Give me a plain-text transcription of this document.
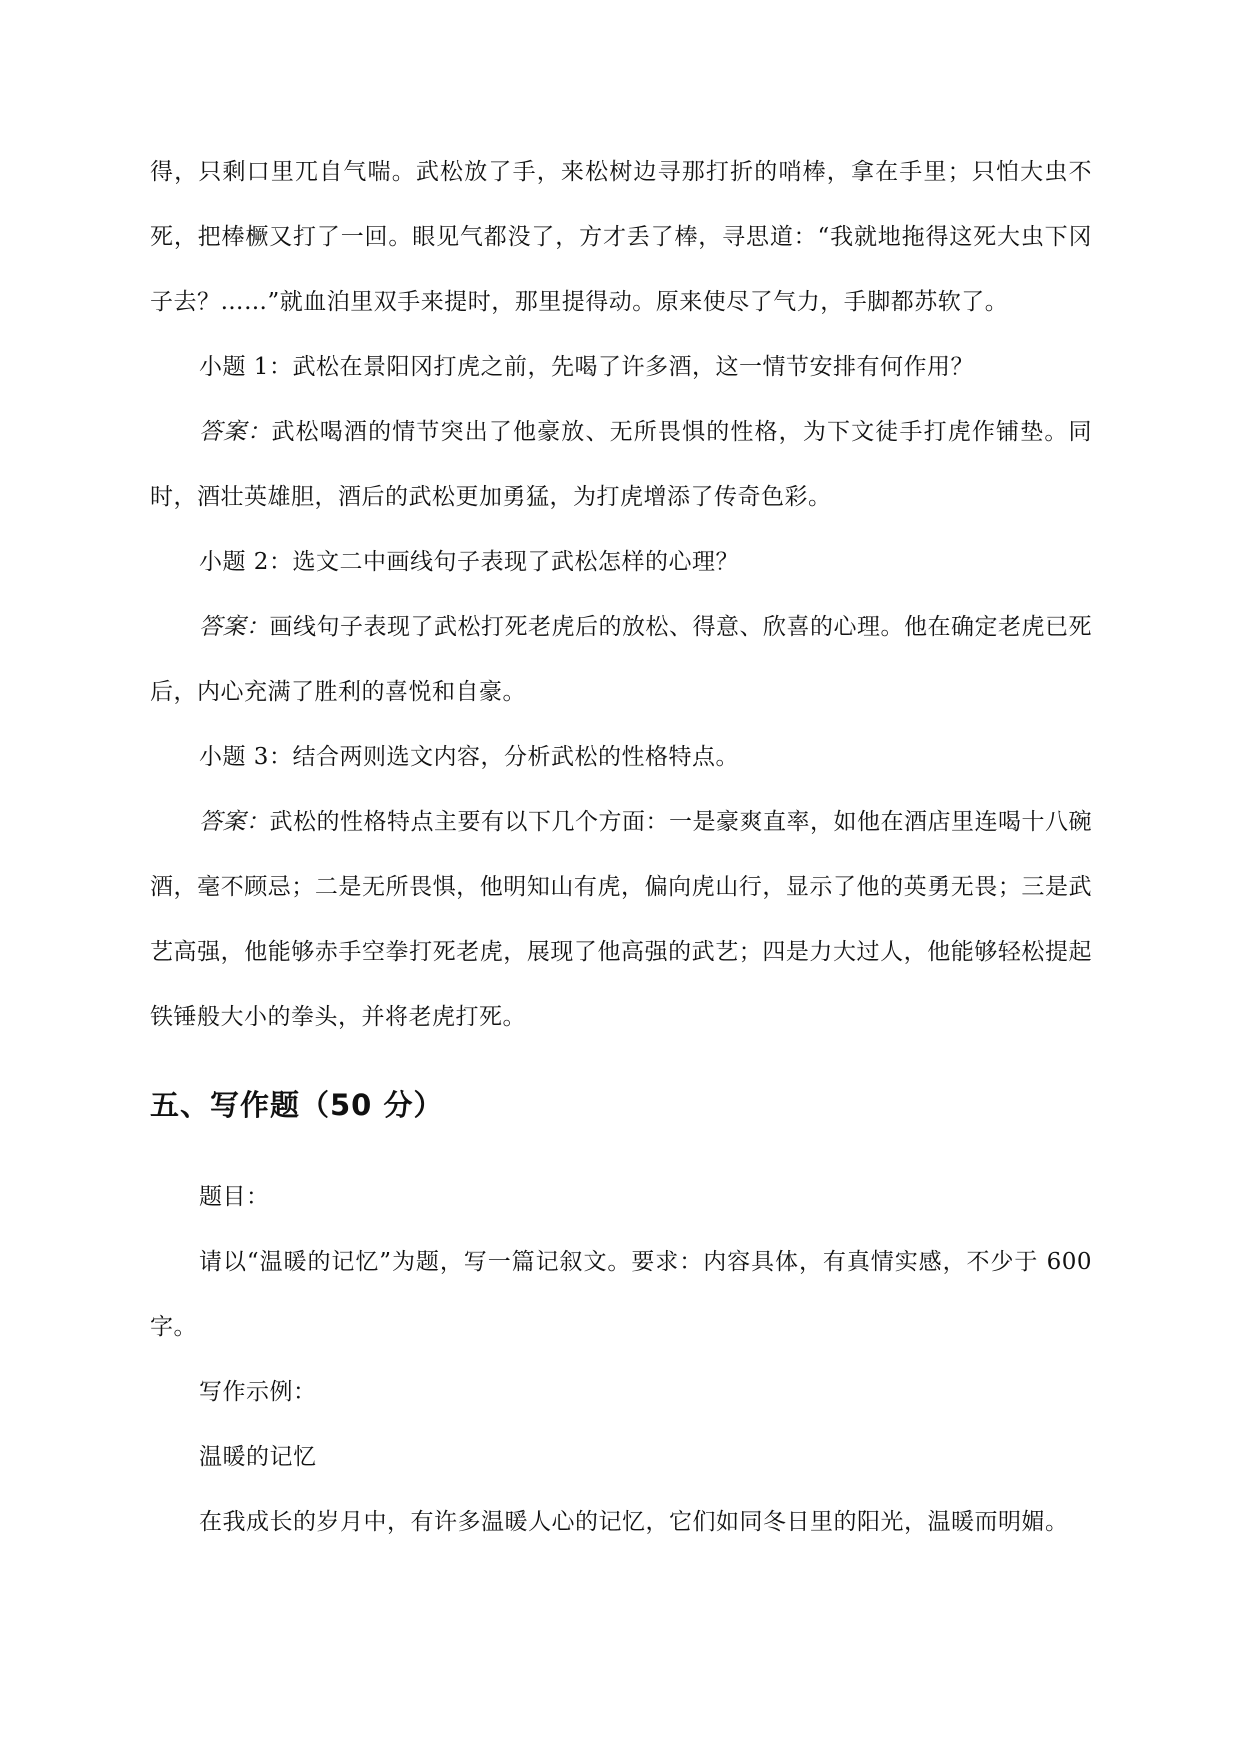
得，只剩口里兀自气喘。武松放了手，来松树边寻那打折的哨棒，拿在手里；只怕大虫不死，把棒橛又打了一回。眼见气都没了，方才丢了棒，寻思道：“我就地拖得这死大虫下冈子去？……”就血泊里双手来提时，那里提得动。原来使尽了气力，手脚都苏软了。

小题 1：武松在景阳冈打虎之前，先喝了许多酒，这一情节安排有何作用？

答案：武松喝酒的情节突出了他豪放、无所畏惧的性格，为下文徒手打虎作铺垫。同时，酒壮英雄胆，酒后的武松更加勇猛，为打虎增添了传奇色彩。

小题 2：选文二中画线句子表现了武松怎样的心理？

答案：画线句子表现了武松打死老虎后的放松、得意、欣喜的心理。他在确定老虎已死后，内心充满了胜利的喜悦和自豪。

小题 3：结合两则选文内容，分析武松的性格特点。

答案：武松的性格特点主要有以下几个方面：一是豪爽直率，如他在酒店里连喝十八碗酒，毫不顾忌；二是无所畏惧，他明知山有虎，偏向虎山行，显示了他的英勇无畏；三是武艺高强，他能够赤手空拳打死老虎，展现了他高强的武艺；四是力大过人，他能够轻松提起铁锤般大小的拳头，并将老虎打死。

五、写作题（50 分）

题目：

请以“温暖的记忆”为题，写一篇记叙文。要求：内容具体，有真情实感，不少于 600 字。

写作示例：

温暖的记忆

在我成长的岁月中，有许多温暖人心的记忆，它们如同冬日里的阳光，温暖而明媚。
